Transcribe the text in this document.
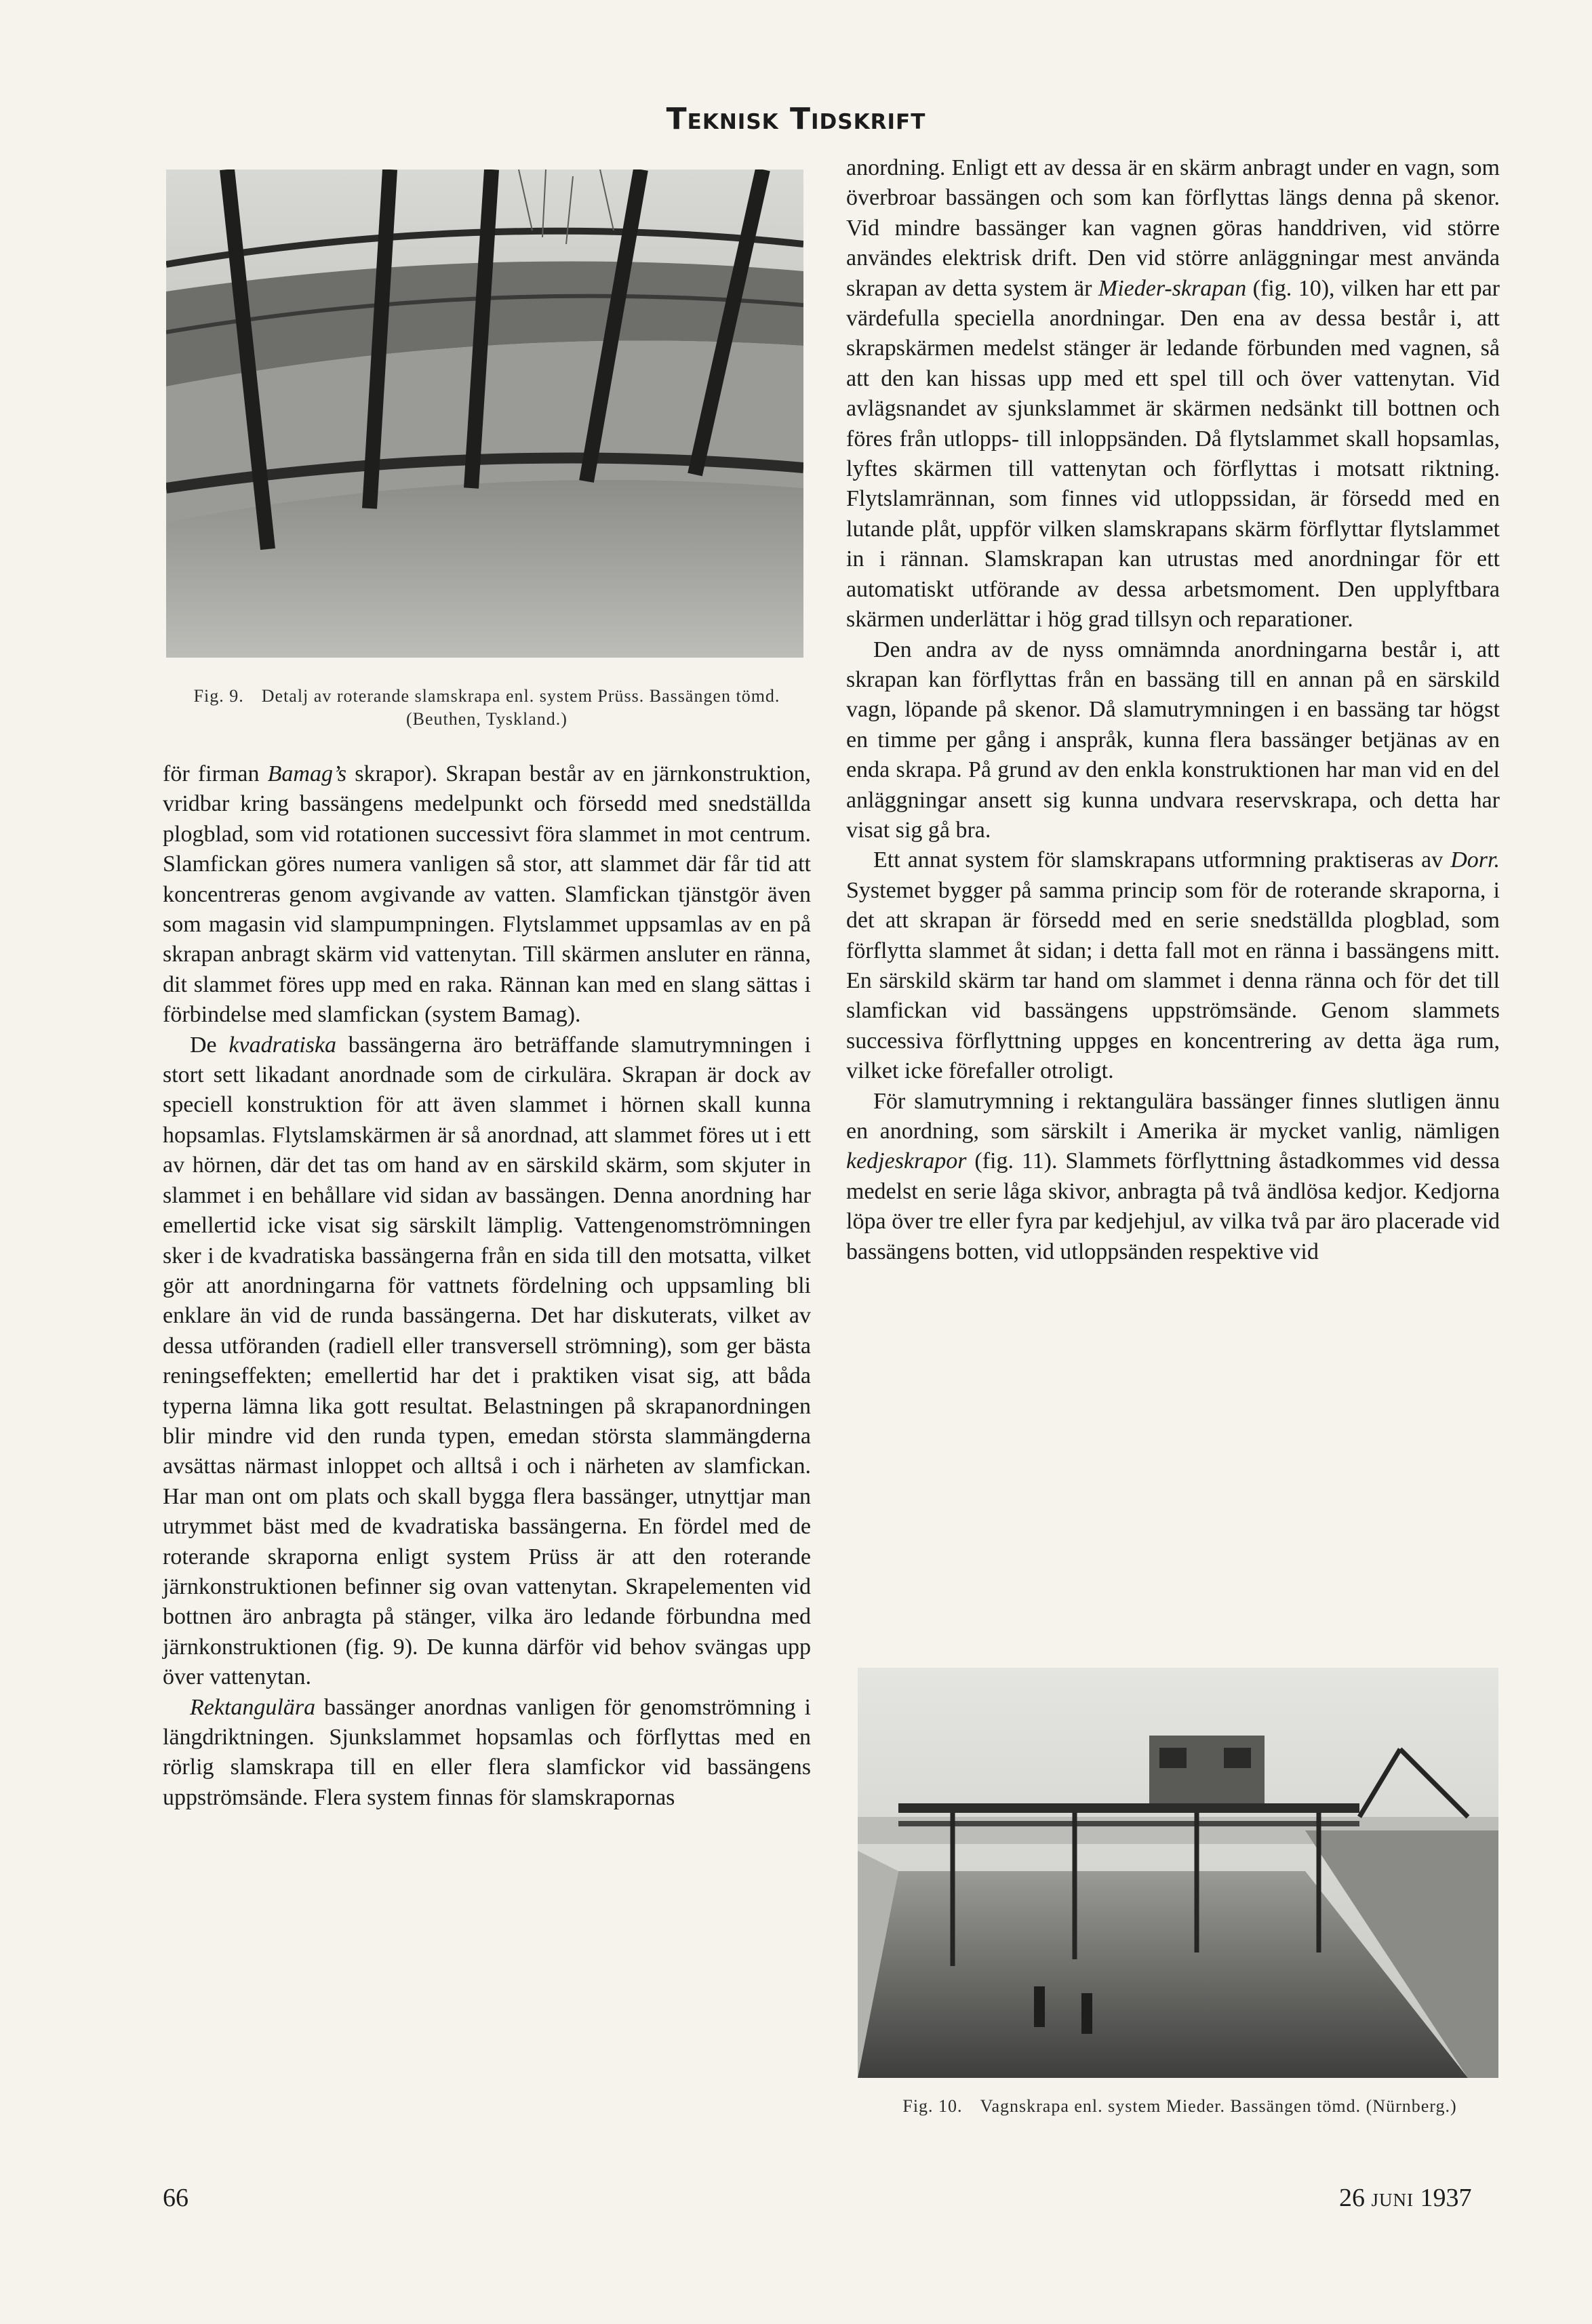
Teknisk Tidskrift
Fig. 9. Detalj av roterande slamskrapa enl. system Prüss. Bassängen tömd. (Beuthen, Tyskland.)

för firman Bamag’s skrapor). Skrapan består av en järnkonstruktion, vridbar kring bassängens medelpunkt och försedd med snedställda plogblad, som vid rotationen successivt föra slammet in mot centrum. Slamfickan göres numera vanligen så stor, att slammet där får tid att koncentreras genom avgivande av vatten. Slamfickan tjänstgör även som magasin vid slampumpningen. Flytslammet uppsamlas av en på skrapan anbragt skärm vid vattenytan. Till skärmen ansluter en ränna, dit slammet föres upp med en raka. Rännan kan med en slang sättas i förbindelse med slamfickan (system Bamag).

De kvadratiska bassängerna äro beträffande slamutrymningen i stort sett likadant anordnade som de cirkulära. Skrapan är dock av speciell konstruktion för att även slammet i hörnen skall kunna hopsamlas. Flytslamskärmen är så anordnad, att slammet föres ut i ett av hörnen, där det tas om hand av en särskild skärm, som skjuter in slammet i en behållare vid sidan av bassängen. Denna anordning har emellertid icke visat sig särskilt lämplig. Vattengenomströmningen sker i de kvadratiska bassängerna från en sida till den motsatta, vilket gör att anordningarna för vattnets fördelning och uppsamling bli enklare än vid de runda bassängerna. Det har diskuterats, vilket av dessa utföranden (radiell eller transversell strömning), som ger bästa reningseffekten; emellertid har det i praktiken visat sig, att båda typerna lämna lika gott resultat. Belastningen på skrapanordningen blir mindre vid den runda typen, emedan största slammängderna avsättas närmast inloppet och alltså i och i närheten av slamfickan. Har man ont om plats och skall bygga flera bassänger, utnyttjar man utrymmet bäst med de kvadratiska bassängerna. En fördel med de roterande skraporna enligt system Prüss är att den roterande järnkonstruktionen befinner sig ovan vattenytan. Skrapelementen vid bottnen äro anbragta på stänger, vilka äro ledande förbundna med järnkonstruktionen (fig. 9). De kunna därför vid behov svängas upp över vattenytan.

Rektangulära bassänger anordnas vanligen för genomströmning i längdriktningen. Sjunkslammet hopsamlas och förflyttas med en rörlig slamskrapa till en eller flera slamfickor vid bassängens uppströmsände. Flera system finnas för slamskrapornas

anordning. Enligt ett av dessa är en skärm anbragt under en vagn, som överbroar bassängen och som kan förflyttas längs denna på skenor. Vid mindre bassänger kan vagnen göras handdriven, vid större användes elektrisk drift. Den vid större anläggningar mest använda skrapan av detta system är Mieder-skrapan (fig. 10), vilken har ett par värdefulla speciella anordningar. Den ena av dessa består i, att skrapskärmen medelst stänger är ledande förbunden med vagnen, så att den kan hissas upp med ett spel till och över vattenytan. Vid avlägsnandet av sjunkslammet är skärmen nedsänkt till bottnen och föres från utlopps- till inloppsänden. Då flytslammet skall hopsamlas, lyftes skärmen till vattenytan och förflyttas i motsatt riktning. Flytslamrännan, som finnes vid utloppssidan, är försedd med en lutande plåt, uppför vilken slamskrapans skärm förflyttar flytslammet in i rännan. Slamskrapan kan utrustas med anordningar för ett automatiskt utförande av dessa arbetsmoment. Den upplyftbara skärmen underlättar i hög grad tillsyn och reparationer.

Den andra av de nyss omnämnda anordningarna består i, att skrapan kan förflyttas från en bassäng till en annan på en särskild vagn, löpande på skenor. Då slamutrymningen i en bassäng tar högst en timme per gång i anspråk, kunna flera bassänger betjänas av en enda skrapa. På grund av den enkla konstruktionen har man vid en del anläggningar ansett sig kunna undvara reservskrapa, och detta har visat sig gå bra.

Ett annat system för slamskrapans utformning praktiseras av Dorr. Systemet bygger på samma princip som för de roterande skraporna, i det att skrapan är försedd med en serie snedställda plogblad, som förflytta slammet åt sidan; i detta fall mot en ränna i bassängens mitt. En särskild skärm tar hand om slammet i denna ränna och för det till slamfickan vid bassängens uppströmsände. Genom slammets successiva förflyttning uppges en koncentrering av detta äga rum, vilket icke förefaller otroligt.

För slamutrymning i rektangulära bassänger finnes slutligen ännu en anordning, som särskilt i Amerika är mycket vanlig, nämligen kedjeskrapor (fig. 11). Slammets förflyttning åstadkommes vid dessa medelst en serie låga skivor, anbragta på två ändlösa kedjor. Kedjorna löpa över tre eller fyra par kedjehjul, av vilka två par äro placerade vid bassängens botten, vid utloppsänden respektive vid

Fig. 10. Vagnskrapa enl. system Mieder. Bassängen tömd. (Nürnberg.)
66	26 juni 1937
